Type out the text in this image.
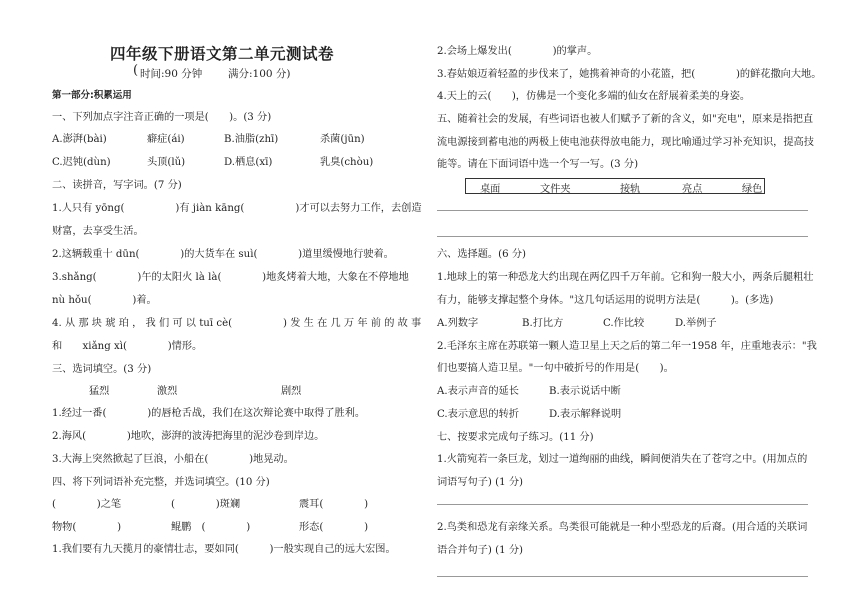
四年级下册语文第二单元测试卷
( 时间:90 分钟 满分:100 分)
第一部分:积累运用
一、下列加点字注音正确的一项是(　　)。(3 分)
A.澎湃(bài)	癖症(ái)	B.油脂(zhī)	杀菌(jūn)
C.迟钝(dùn)	头顶(lǔ)	D.栖息(xī)	乳臭(chòu)
二、读拼音，写字词。(7 分)
1.人只有 yōng(　　　　　)有 jiàn kāng(　　　　　)才可以去努力工作，去创造
财富，去享受生活。
2.这辆载重十 dūn(　　　　)的大货车在 suì(　　　　)道里缓慢地行驶着。
3.shǎng(　　　　)午的太阳火 là là(　　　　)地炙烤着大地，大象在不停地地
nù hǒu(　　　　)着。
4. 从 那 块 琥 珀 ， 我 们 可 以 tuī cè(　　　　　) 发 生 在 几 万 年 前 的 故 事
和　　xiǎng xì(　　　　)情形。
三、选词填空。(3 分)
猛烈	激烈	剧烈
1.经过一番(　　　　)的唇枪舌战，我们在这次辩论赛中取得了胜利。
2.海风(　　　　)地吹，澎湃的波涛把海里的泥沙卷到岸边。
3.大海上突然掀起了巨浪，小船在(　　　　)地晃动。
四、将下列词语补充完整，并选词填空。(10 分)
(　　　　)之笔	(　　　　)斑斓	震耳(　　　　)
物物(　　　　)	鲲鹏　(　　　　)	形态(　　　　)
1.我们要有九天揽月的豪情壮志，要如同(　　　)一般实现自己的远大宏图。
2.会场上爆发出(　　　　)的掌声。
3.春姑娘迈着轻盈的步伐来了，她携着神奇的小花篮，把(　　　　)的鲜花撒向大地。
4.天上的云(　　)，仿佛是一个变化多端的仙女在舒展着柔美的身姿。
五、随着社会的发展，有些词语也被人们赋予了新的含义，如"充电"，原来是指把直
流电源接到蓄电池的两极上使电池获得放电能力，现比喻通过学习补充知识，提高技
能等。请在下面词语中选一个写一写。(3 分)
桌面	文件夹	接轨	亮点	绿色
六、选择题。(6 分)
1.地球上的第一种恐龙大约出现在两亿四千万年前。它和狗一般大小，两条后腿粗壮
有力，能够支撑起整个身体。"这几句话运用的说明方法是(　　　)。(多选)
A.列数字	B.打比方	C.作比较	D.举例子
2.毛泽东主席在苏联第一颗人造卫星上天之后的第二年一1958 年，庄重地表示："我
们也要搞人造卫星。"一句中破折号的作用是(　　)。
A.表示声音的延长	B.表示说话中断
C.表示意思的转折	D.表示解释说明
七、按要求完成句子练习。(11 分)
1.火箭宛若一条巨龙，划过一道绚丽的曲线，瞬间便消失在了苍穹之中。(用加点的
词语写句子) (1 分)
2.鸟类和恐龙有亲缘关系。鸟类很可能就是一种小型恐龙的后裔。(用合适的关联词
语合并句子) (1 分)
